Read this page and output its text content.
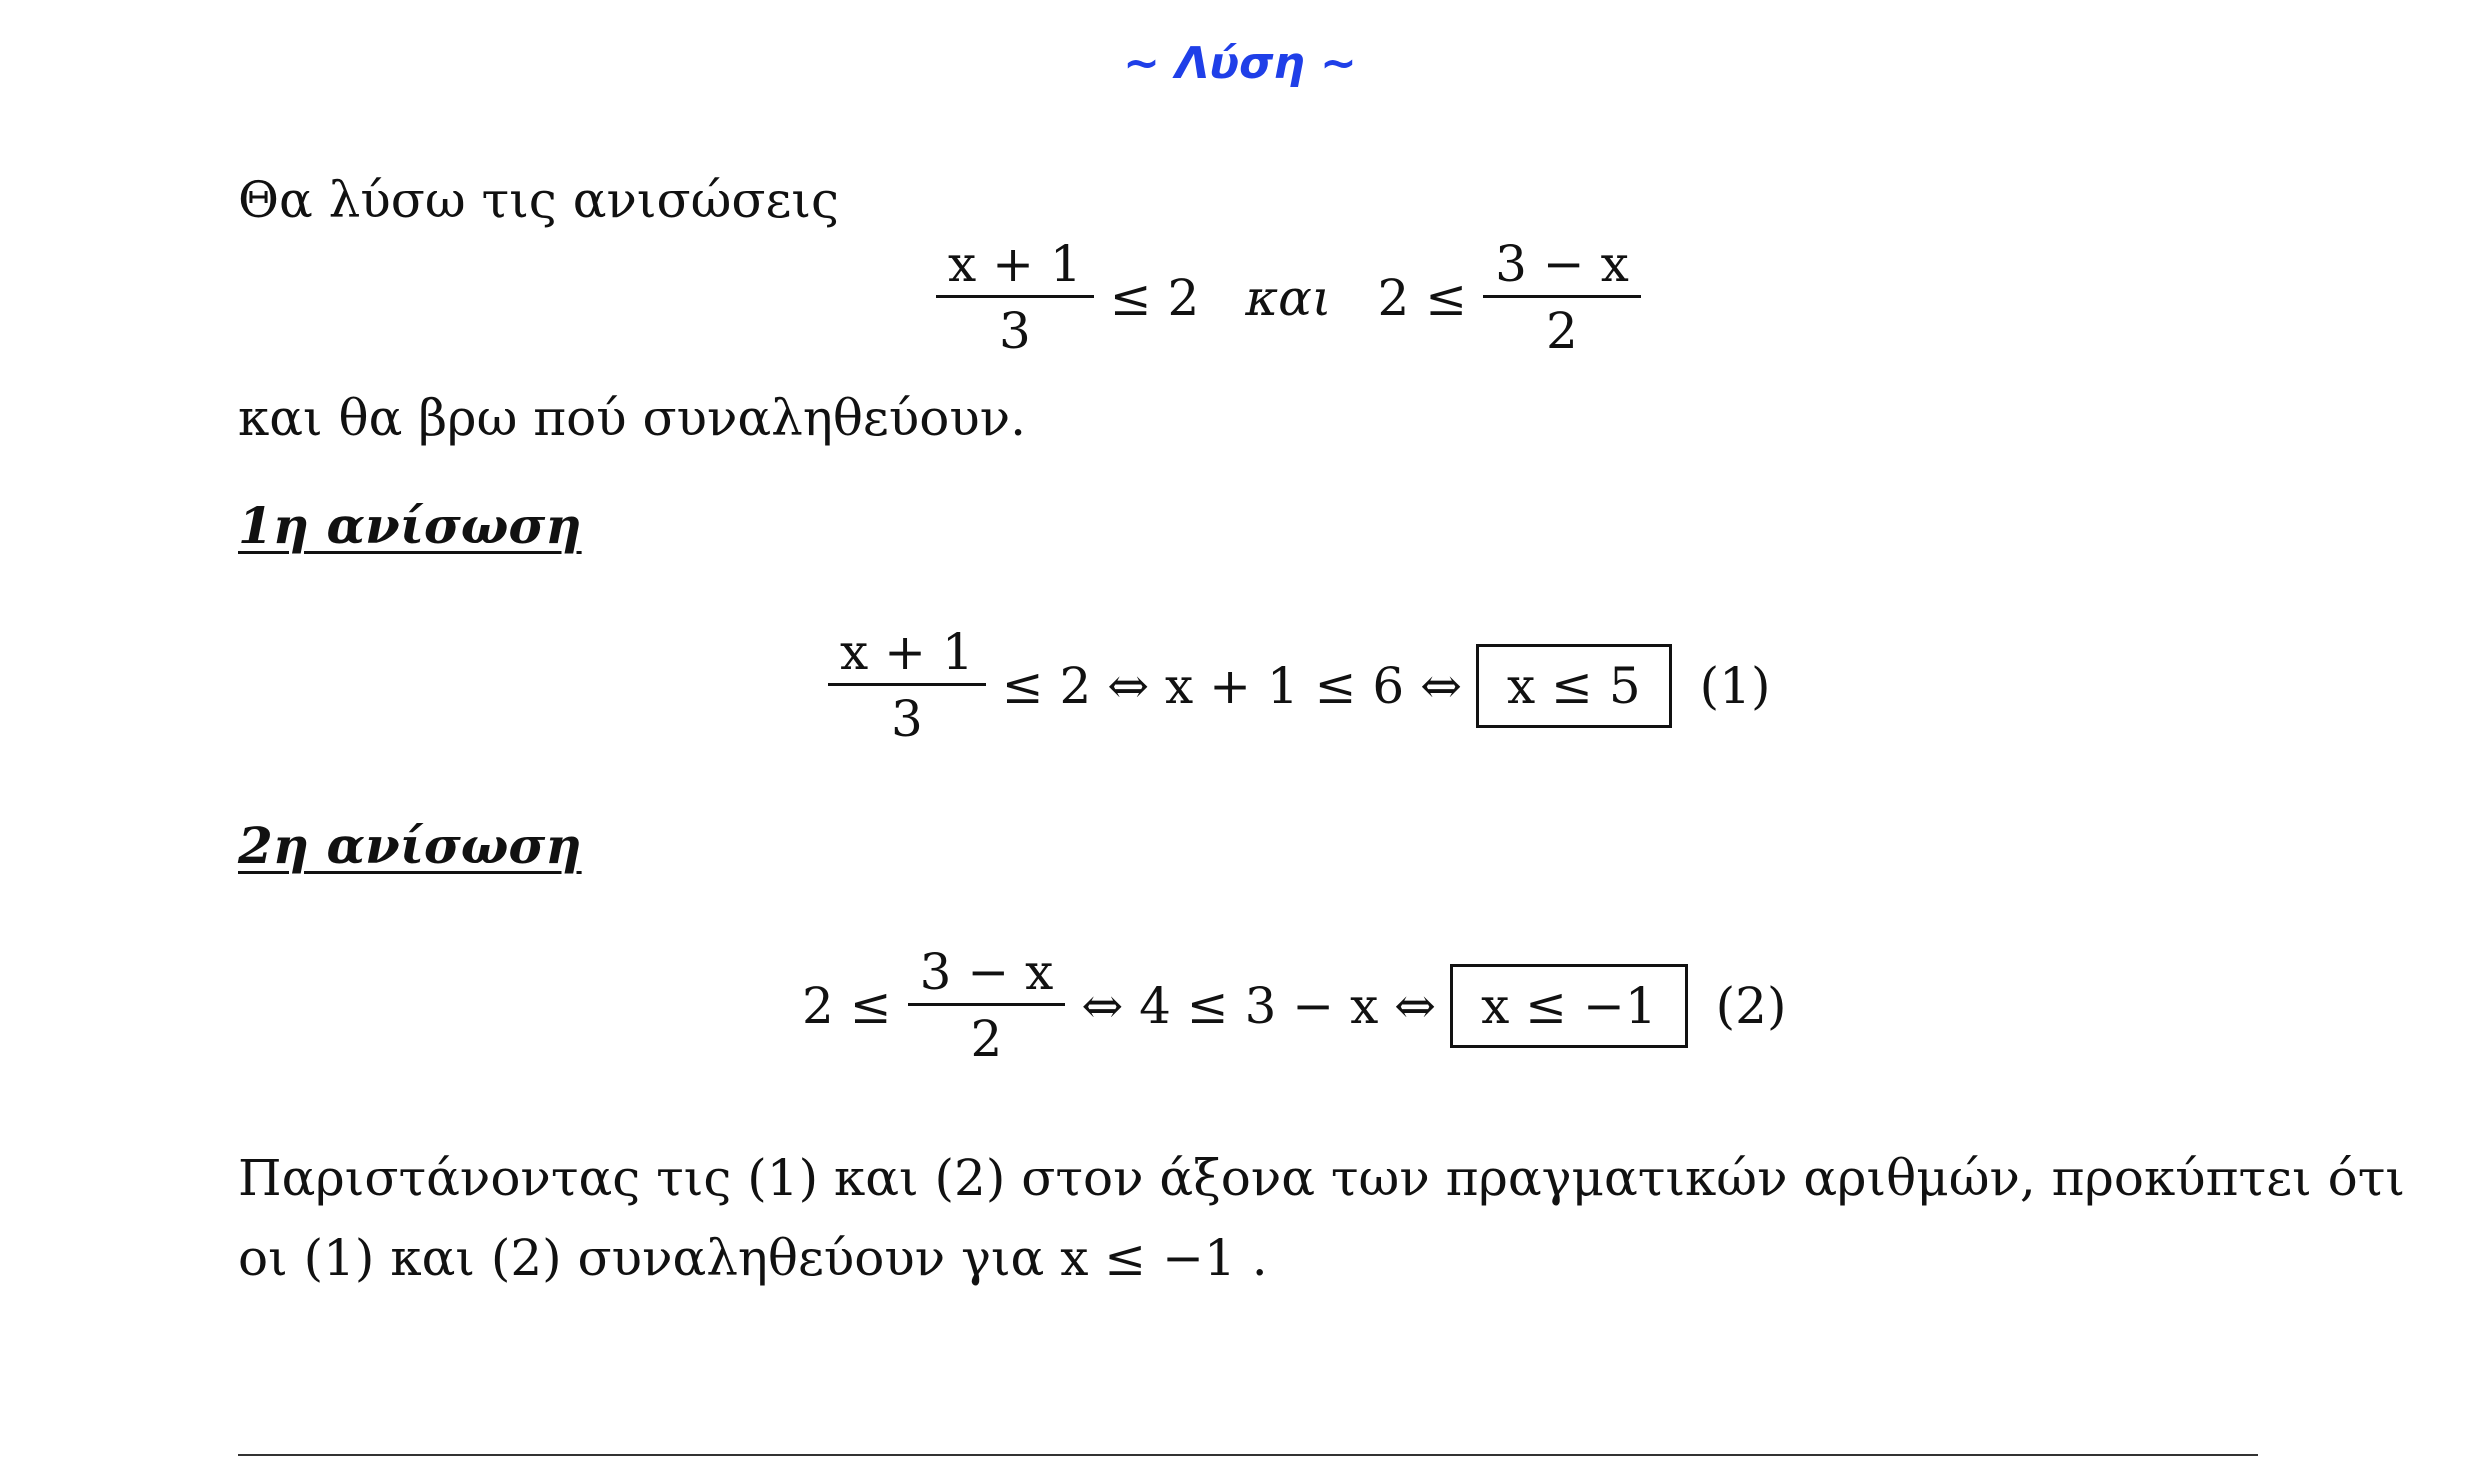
~ Λύση ~
Θα λύσω τις ανισώσεις
$\frac{x + 1}{3} \le 2$ και $2 \le \frac{3 - x}{2}$
και θα βρω πού συναληθεύουν.
1η ανίσωση
$\frac{x + 1}{3} \le 2$ ⇔ x + 1 ≤ 6 ⇔ x ≤ 5	(1)
2η ανίσωση
$2 \le \frac{3 - x}{2}$ ⇔ 4 ≤ 3 − x ⇔ x ≤ −1	(2)
Παριστάνοντας τις (1) και (2) στον άξονα των πραγματικών αριθμών, προκύπτει ότι
οι (1) και (2) συναληθεύουν για x ≤ −1 .
